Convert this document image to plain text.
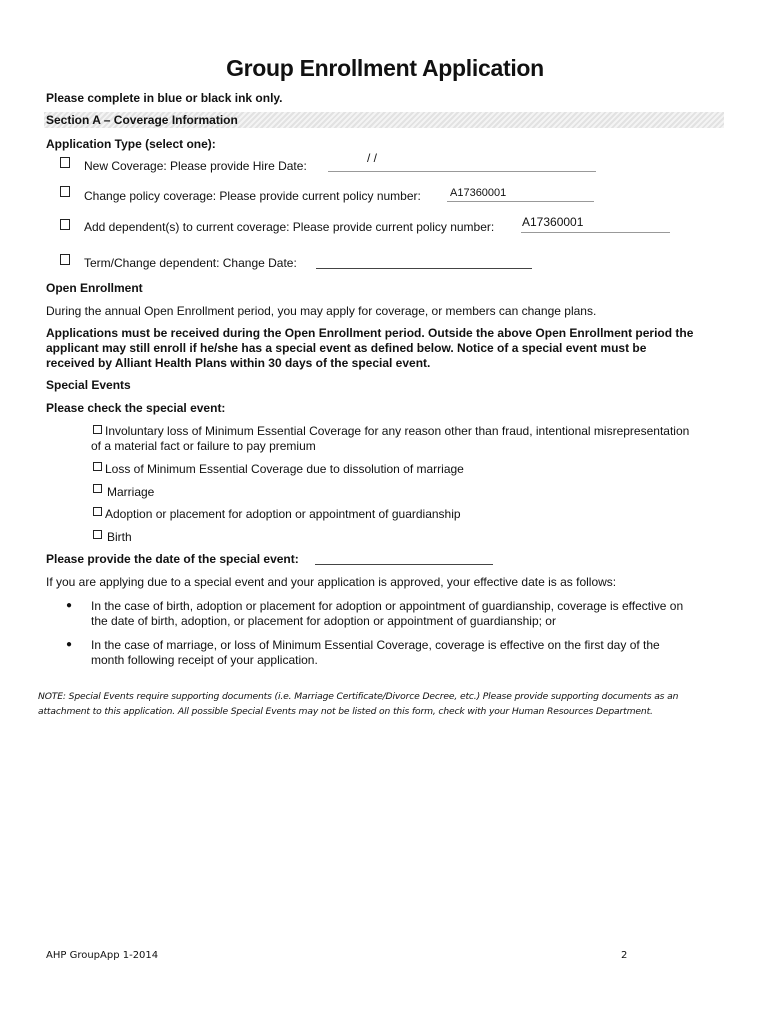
Group Enrollment Application
Please complete in blue or black ink only.
Section A – Coverage Information
Application Type (select one):
New Coverage: Please provide Hire Date:
/ /
Change policy coverage: Please provide current policy number:	A17360001
Add dependent(s) to current coverage: Please provide current policy number: A17360001
Term/Change dependent: Change Date:
Open Enrollment
During the annual Open Enrollment period, you may apply for coverage, or members can change plans.
Applications must be received during the Open Enrollment period. Outside the above Open Enrollment period the
applicant may still enroll if he/she has a special event as defined below. Notice of a special event must be
received by Alliant Health Plans within 30 days of the special event.
Special Events
Please check the special event:
Involuntary loss of Minimum Essential Coverage for any reason other than fraud, intentional misrepresentation
of a material fact or failure to pay premium
Loss of Minimum Essential Coverage due to dissolution of marriage
Marriage
Adoption or placement for adoption or appointment of guardianship
Birth
Please provide the date of the special event:
If you are applying due to a special event and your application is approved, your effective date is as follows:
● In the case of birth, adoption or placement for adoption or appointment of guardianship, coverage is effective on
the date of birth, adoption, or placement for adoption or appointment of guardianship; or
● In the case of marriage, or loss of Minimum Essential Coverage, coverage is effective on the first day of the
month following receipt of your application.
NOTE: Special Events require supporting documents (i.e. Marriage Certificate/Divorce Decree, etc.) Please provide supporting documents as an
attachment to this application. All possible Special Events may not be listed on this form, check with your Human Resources Department.
AHP GroupApp 1-2014	2
